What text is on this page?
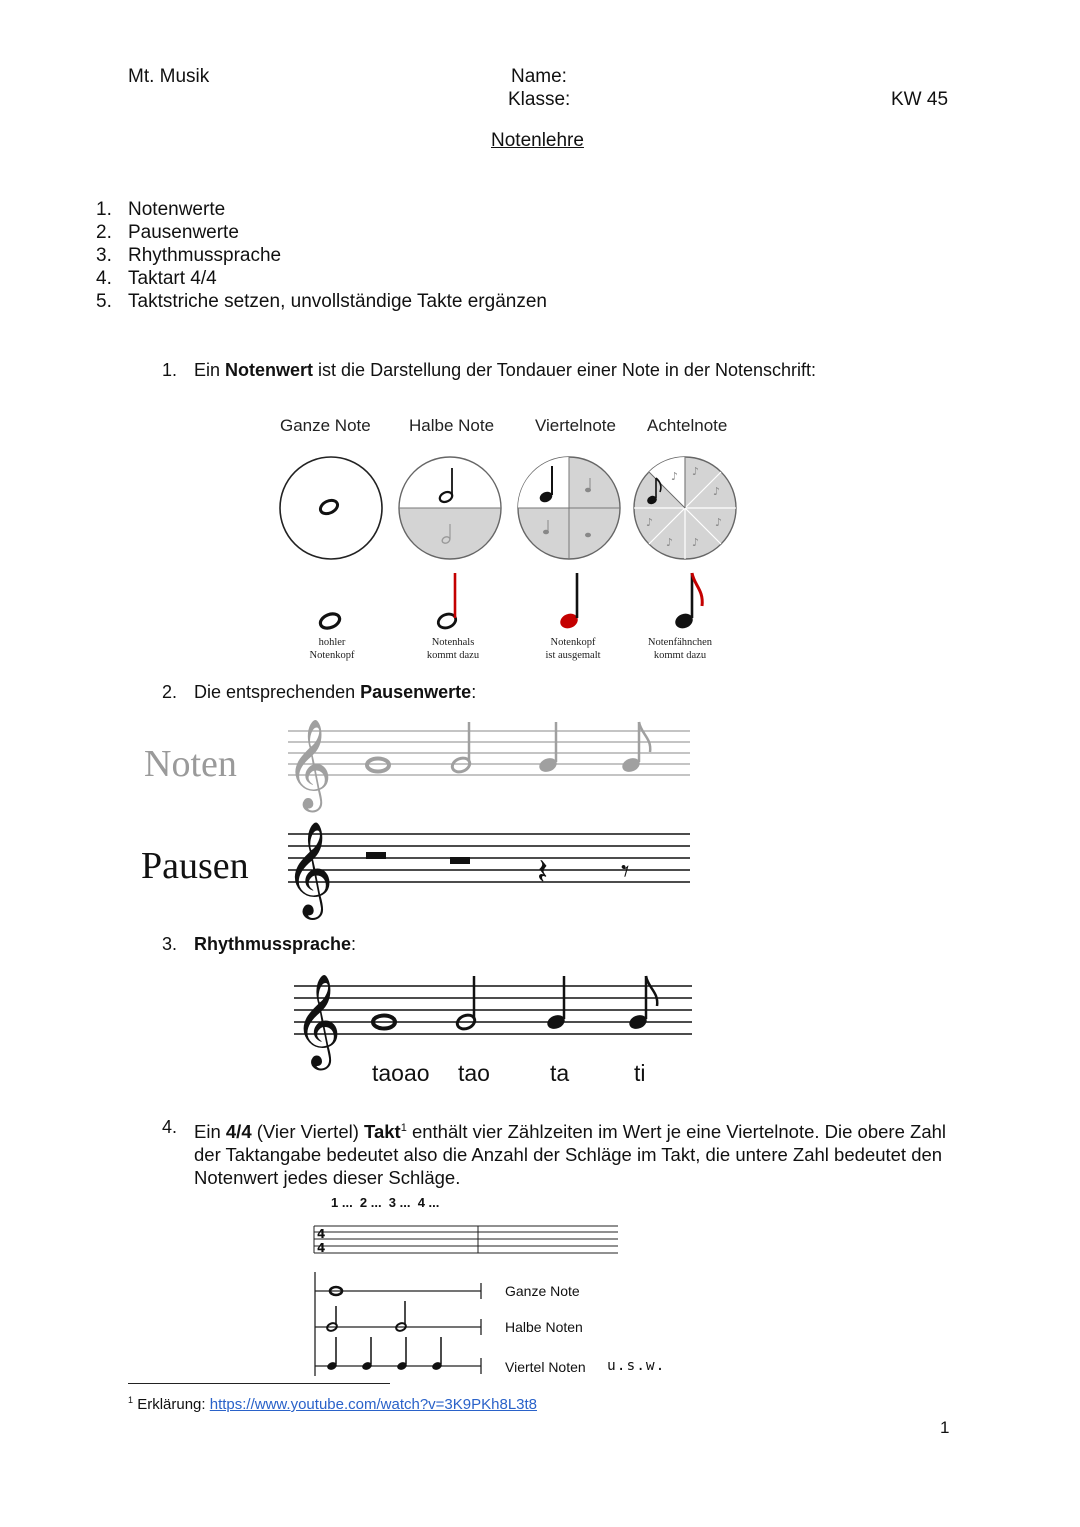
Mt. Musik	Name:
Klasse:	KW 45
Notenlehre
1. Notenwerte
2. Pausenwerte
3. Rhythmussprache
4. Taktart 4/4
5. Taktstriche setzen, unvollständige Takte ergänzen
1. Ein Notenwert ist die Darstellung der Tondauer einer Note in der Notenschrift:
Ganze Note Halbe Note Viertelnote Achtelnote
♪ ♪
♪
♪
♪
♪
♪
hohler
Notenkopf
Notenhals
kommt dazu
Notenkopf
ist ausgemalt
Notenfähnchen
kommt dazu
2. Die entsprechenden Pausenwerte:
Noten
Pausen
𝄞
𝄞	𝄽 𝄾
3. Rhythmussprache:
𝄞
taoao tao	ta	ti
4. Ein 4/4 (Vier Viertel) Takt$^1$ enthält vier Zählzeiten im Wert je eine Viertelnote. Die obere Zahl der Taktangabe bedeutet also die Anzahl der Schläge im Takt, die untere Zahl bedeutet den Notenwert jedes dieser Schläge.
1 ...  2 ...  3 ...  4 ...
4
4
Ganze Note
Halbe Noten
Viertel Noten u.s.w.
$^1$ Erklärung: https://www.youtube.com/watch?v=3K9PKh8L3t8
1
